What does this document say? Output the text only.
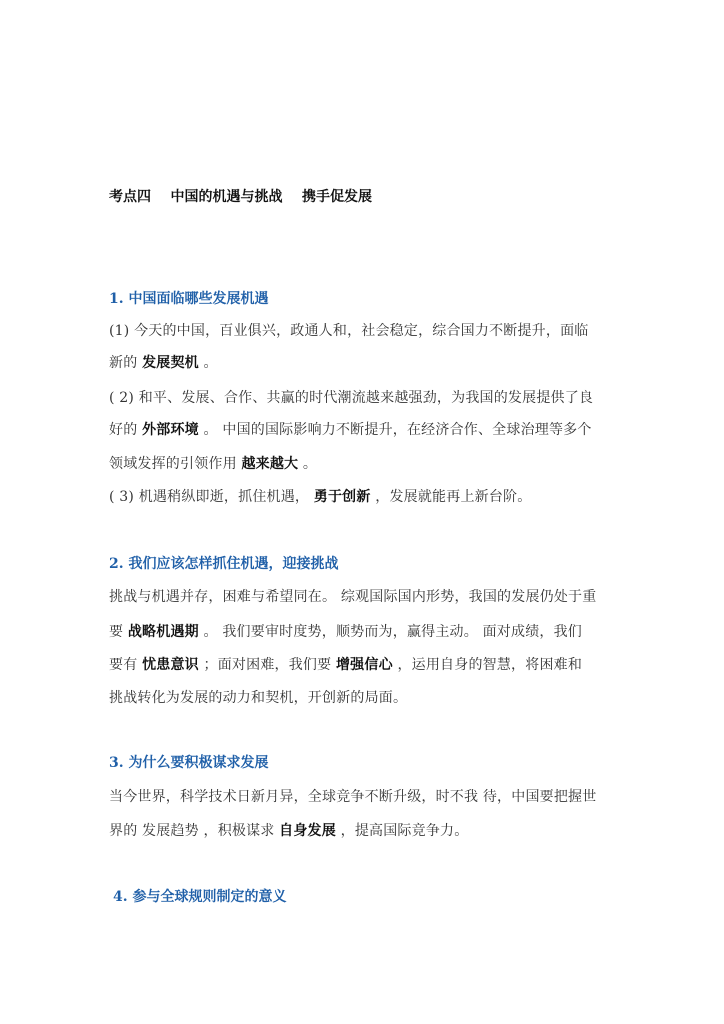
考点四    中国的机遇与挑战    携手促发展
1. 中国面临哪些发展机遇
(1) 今天的中国，百业俱兴，政通人和，社会稳定，综合国力不断提升，面临
新的 发展契机 。
( 2) 和平、发展、合作、共赢的时代潮流越来越强劲，为我国的发展提供了良
好的 外部环境 。 中国的国际影响力不断提升，在经济合作、全球治理等多个
领域发挥的引领作用 越来越大 。
( 3) 机遇稍纵即逝，抓住机遇， 勇于创新 ，发展就能再上新台阶。
2. 我们应该怎样抓住机遇，迎接挑战
挑战与机遇并存，困难与希望同在。 综观国际国内形势，我国的发展仍处于重
要 战略机遇期 。 我们要审时度势，顺势而为，赢得主动。 面对成绩，我们
要有 忧患意识 ；面对困难，我们要 增强信心 ，运用自身的智慧，将困难和
挑战转化为发展的动力和契机，开创新的局面。
3. 为什么要积极谋求发展
当今世界，科学技术日新月异，全球竞争不断升级，时不我 待，中国要把握世
界的 发展趋势 ，积极谋求 自身发展 ，提高国际竞争力。
4. 参与全球规则制定的意义
